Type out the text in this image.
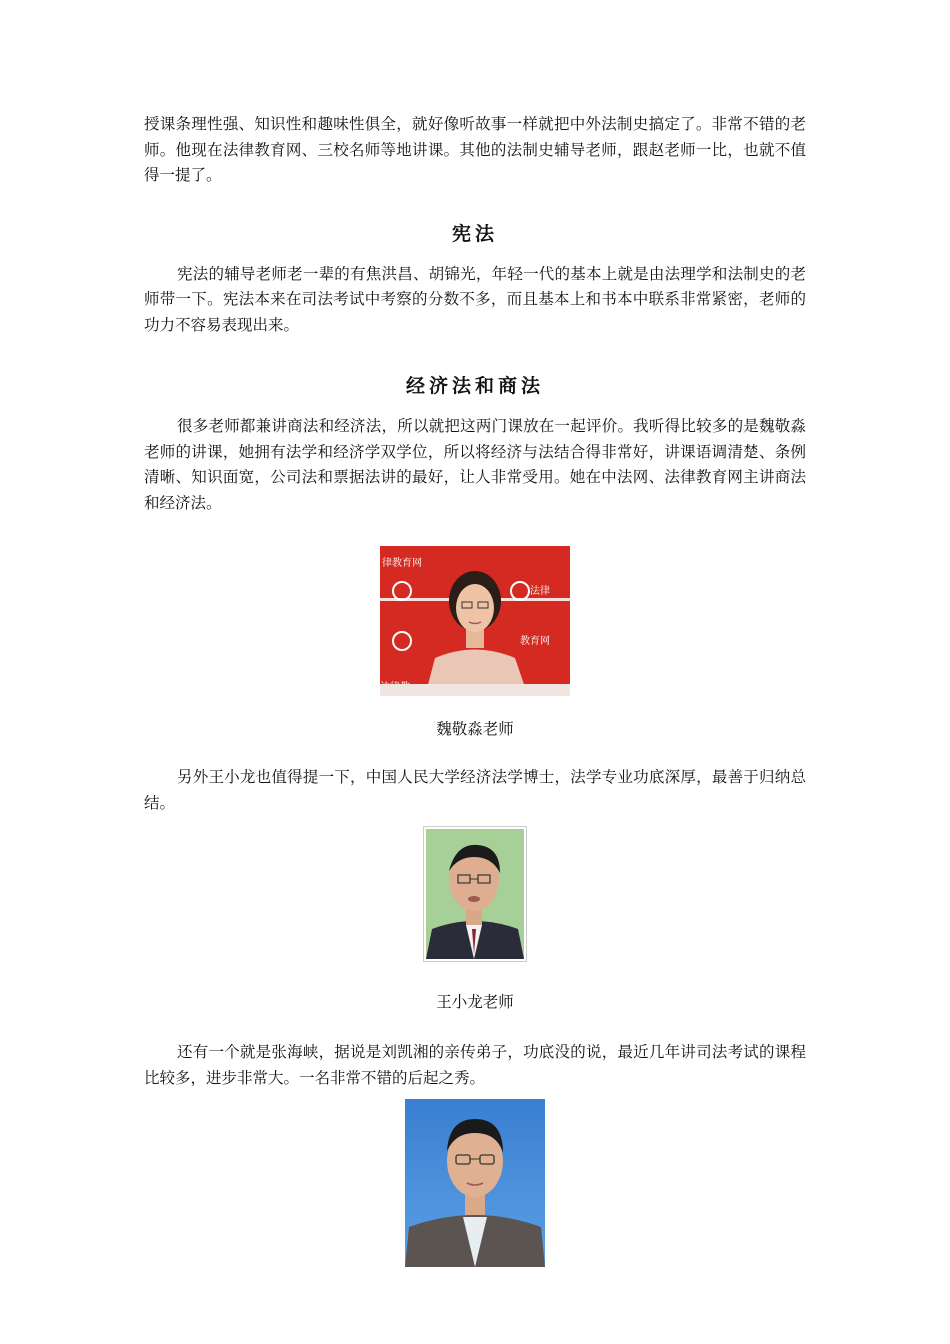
授课条理性强、知识性和趣味性俱全，就好像听故事一样就把中外法制史搞定了。非常不错的老师。他现在法律教育网、三校名师等地讲课。其他的法制史辅导老师，跟赵老师一比，也就不值得一提了。

宪法

宪法的辅导老师老一辈的有焦洪昌、胡锦光，年轻一代的基本上就是由法理学和法制史的老师带一下。宪法本来在司法考试中考察的分数不多，而且基本上和书本中联系非常紧密，老师的功力不容易表现出来。

经济法和商法

很多老师都兼讲商法和经济法，所以就把这两门课放在一起评价。我听得比较多的是魏敬淼老师的讲课，她拥有法学和经济学双学位，所以将经济与法结合得非常好，讲课语调清楚、条例清晰、知识面宽，公司法和票据法讲的最好，让人非常受用。她在中法网、法律教育网主讲商法和经济法。

律教育网
法律
教育网

魏敬淼老师

另外王小龙也值得提一下，中国人民大学经济法学博士，法学专业功底深厚，最善于归纳总结。

王小龙老师

还有一个就是张海峡，据说是刘凯湘的亲传弟子，功底没的说，最近几年讲司法考试的课程比较多，进步非常大。一名非常不错的后起之秀。
